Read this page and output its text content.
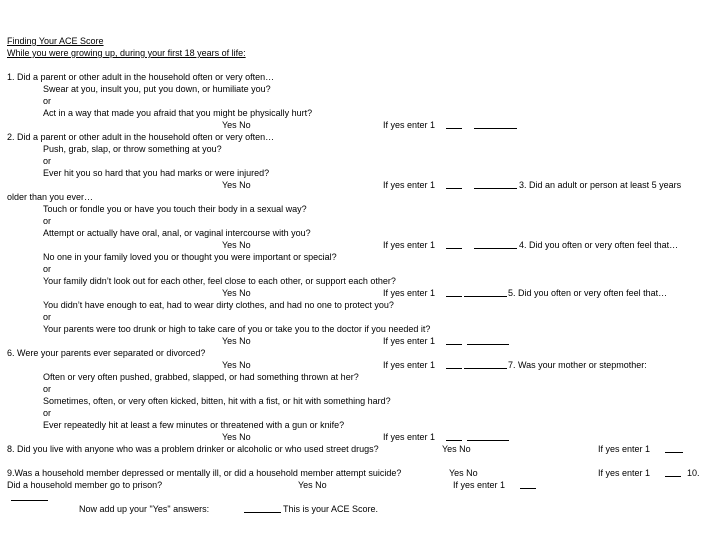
Finding Your ACE Score
While you were growing up, during your first 18 years of life:
1. Did a parent or other adult in the household often or very often…
Swear at you, insult you, put you down, or humiliate you?
or
Act in a way that made you afraid that you might be physically hurt?
Yes No	If yes enter 1
2. Did a parent or other adult in the household often or very often…
Push, grab, slap, or throw something at you?
or
Ever hit you so hard that you had marks or were injured?
Yes No	If yes enter 1	3. Did an adult or person at least 5 years
older than you ever…
Touch or fondle you or have you touch their body in a sexual way?
or
Attempt or actually have oral, anal, or vaginal intercourse with you?
Yes No	If yes enter 1	4. Did you often or very often feel that…
No one in your family loved you or thought you were important or special?
or
Your family didn’t look out for each other, feel close to each other, or support each other?
Yes No	If yes enter 1	5. Did you often or very often feel that…
You didn’t have enough to eat, had to wear dirty clothes, and had no one to protect you?
or
Your parents were too drunk or high to take care of you or take you to the doctor if you needed it?
Yes No	If yes enter 1
6. Were your parents ever separated or divorced?
Yes No	If yes enter 1	7. Was your mother or stepmother:
Often or very often pushed, grabbed, slapped, or had something thrown at her?
or
Sometimes, often, or very often kicked, bitten, hit with a fist, or hit with something hard?
or
Ever repeatedly hit at least a few minutes or threatened with a gun or knife?
Yes No	If yes enter 1
8. Did you live with anyone who was a problem drinker or alcoholic or who used street drugs?	Yes No	If yes enter 1
9.Was a household member depressed or mentally ill, or did a household member attempt suicide?	Yes No	If yes enter 1	10.
Did a household member go to prison?	Yes No	If yes enter 1
Now add up your "Yes" answers:	This is your ACE Score.
